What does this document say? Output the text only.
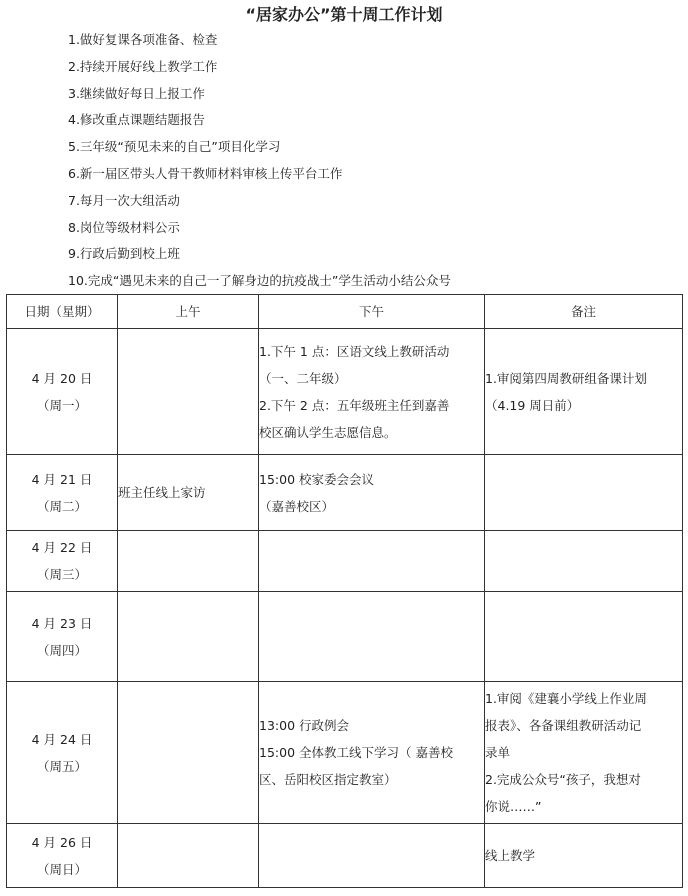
“居家办公”第十周工作计划
1.做好复课各项准备、检查
2.持续开展好线上教学工作
3.继续做好每日上报工作
4.修改重点课题结题报告
5.三年级“预见未来的自己”项目化学习
6.新一届区带头人骨干教师材料审核上传平台工作
7.每月一次大组活动
8.岗位等级材料公示
9.行政后勤到校上班
10.完成“遇见未来的自己一了解身边的抗疫战士”学生活动小结公众号
日期（星期）	上午	下午	备注

4 月 20 日
（周一）		1.下午 1 点：区语文线上教研活动
（一、二年级）
2.下午 2 点：五年级班主任到嘉善
校区确认学生志愿信息。	1.审阅第四周教研组备课计划
（4.19 周日前）

4 月 21 日
（周二）	班主任线上家访	15:00 校家委会会议
（嘉善校区）	

4 月 22 日
（周三）			

4 月 23 日
（周四）			

4 月 24 日
（周五）		13:00 行政例会
15:00 全体教工线下学习（ 嘉善校
区、岳阳校区指定教室）	1.审阅《建襄小学线上作业周
报表》、各备课组教研活动记
录单
2.完成公众号“孩子，我想对
你说……”

4 月 26 日
（周日）			线上教学
